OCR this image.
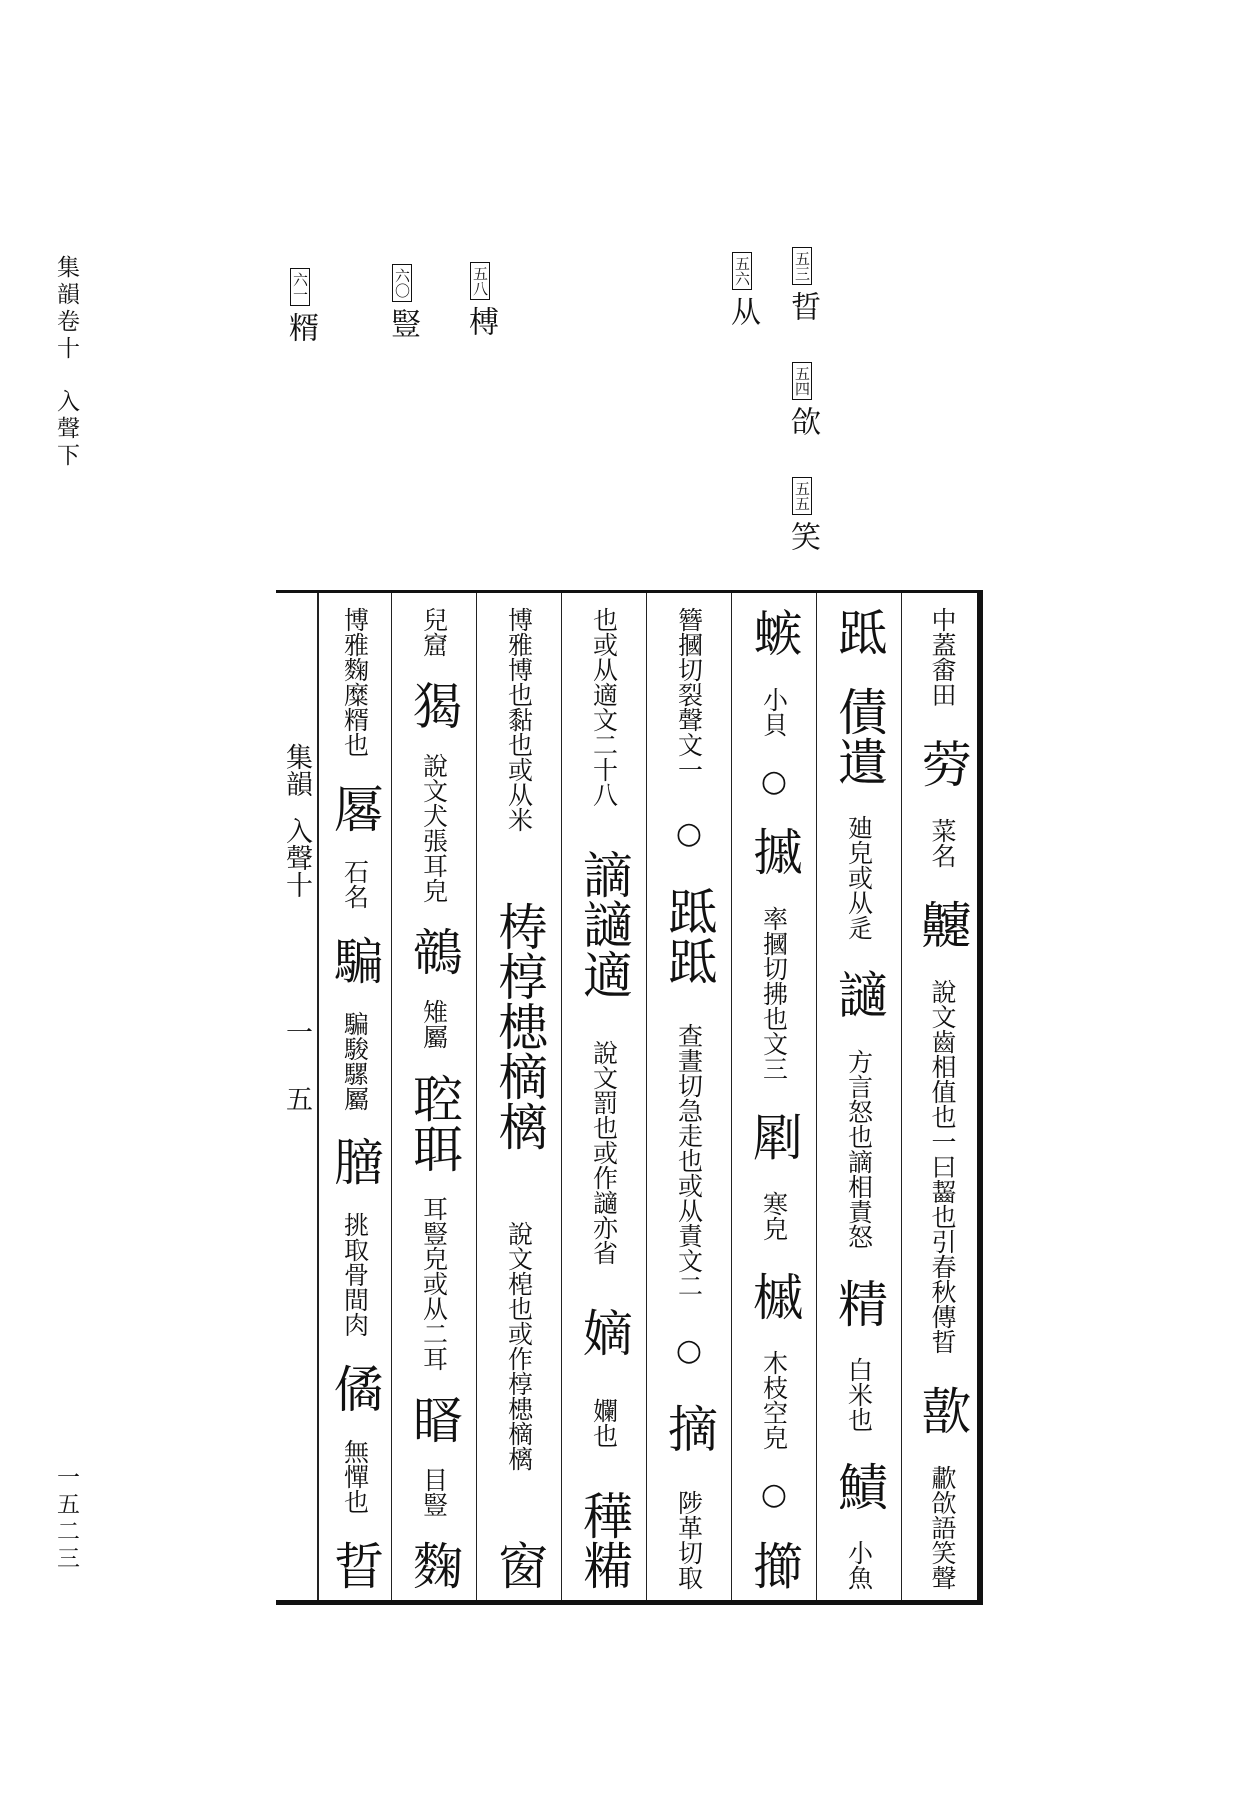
集韻卷十入聲下
一五二三
五三晢 五四欱 五五笑
五六从
五八榑
六〇豎
六一糈
中蓋畬田
䓖
菜名
䶑
說文齒相值也一曰齧也引春秋傳晢
歖
歗欱語笑聲
䟡
債遺
廸皃或从辵
讁
方言怒也謫相責怒
精
白米也
鰿
小魚
螏
小貝
○
摵
率摑切拂也文三
㓾
寒皃
槭
木枝空皃
○
擳
簪摑切裂聲文一
○
䟡䟡
查晝切急走也或从責文二
○
摘
陟革切取
也或从適文二十八
謫讁適
說文罰也或作讁亦省
嫡
孄也
䅿糒
博雅博也黏也或从米
梼椁槵樀樆
說文梍也或作椁槵樀樆
窗
兒窟
猲
說文犬張耳皃
鶙
雉屬
聜聑
耳豎皃或从二耳
䁊
目豎
麴
博雅麴糜糈也
厬
石名
騙
騙駿騾屬
膪
挑取骨間肉
僪
無憚也
晢
集韻
入聲十
一
五
